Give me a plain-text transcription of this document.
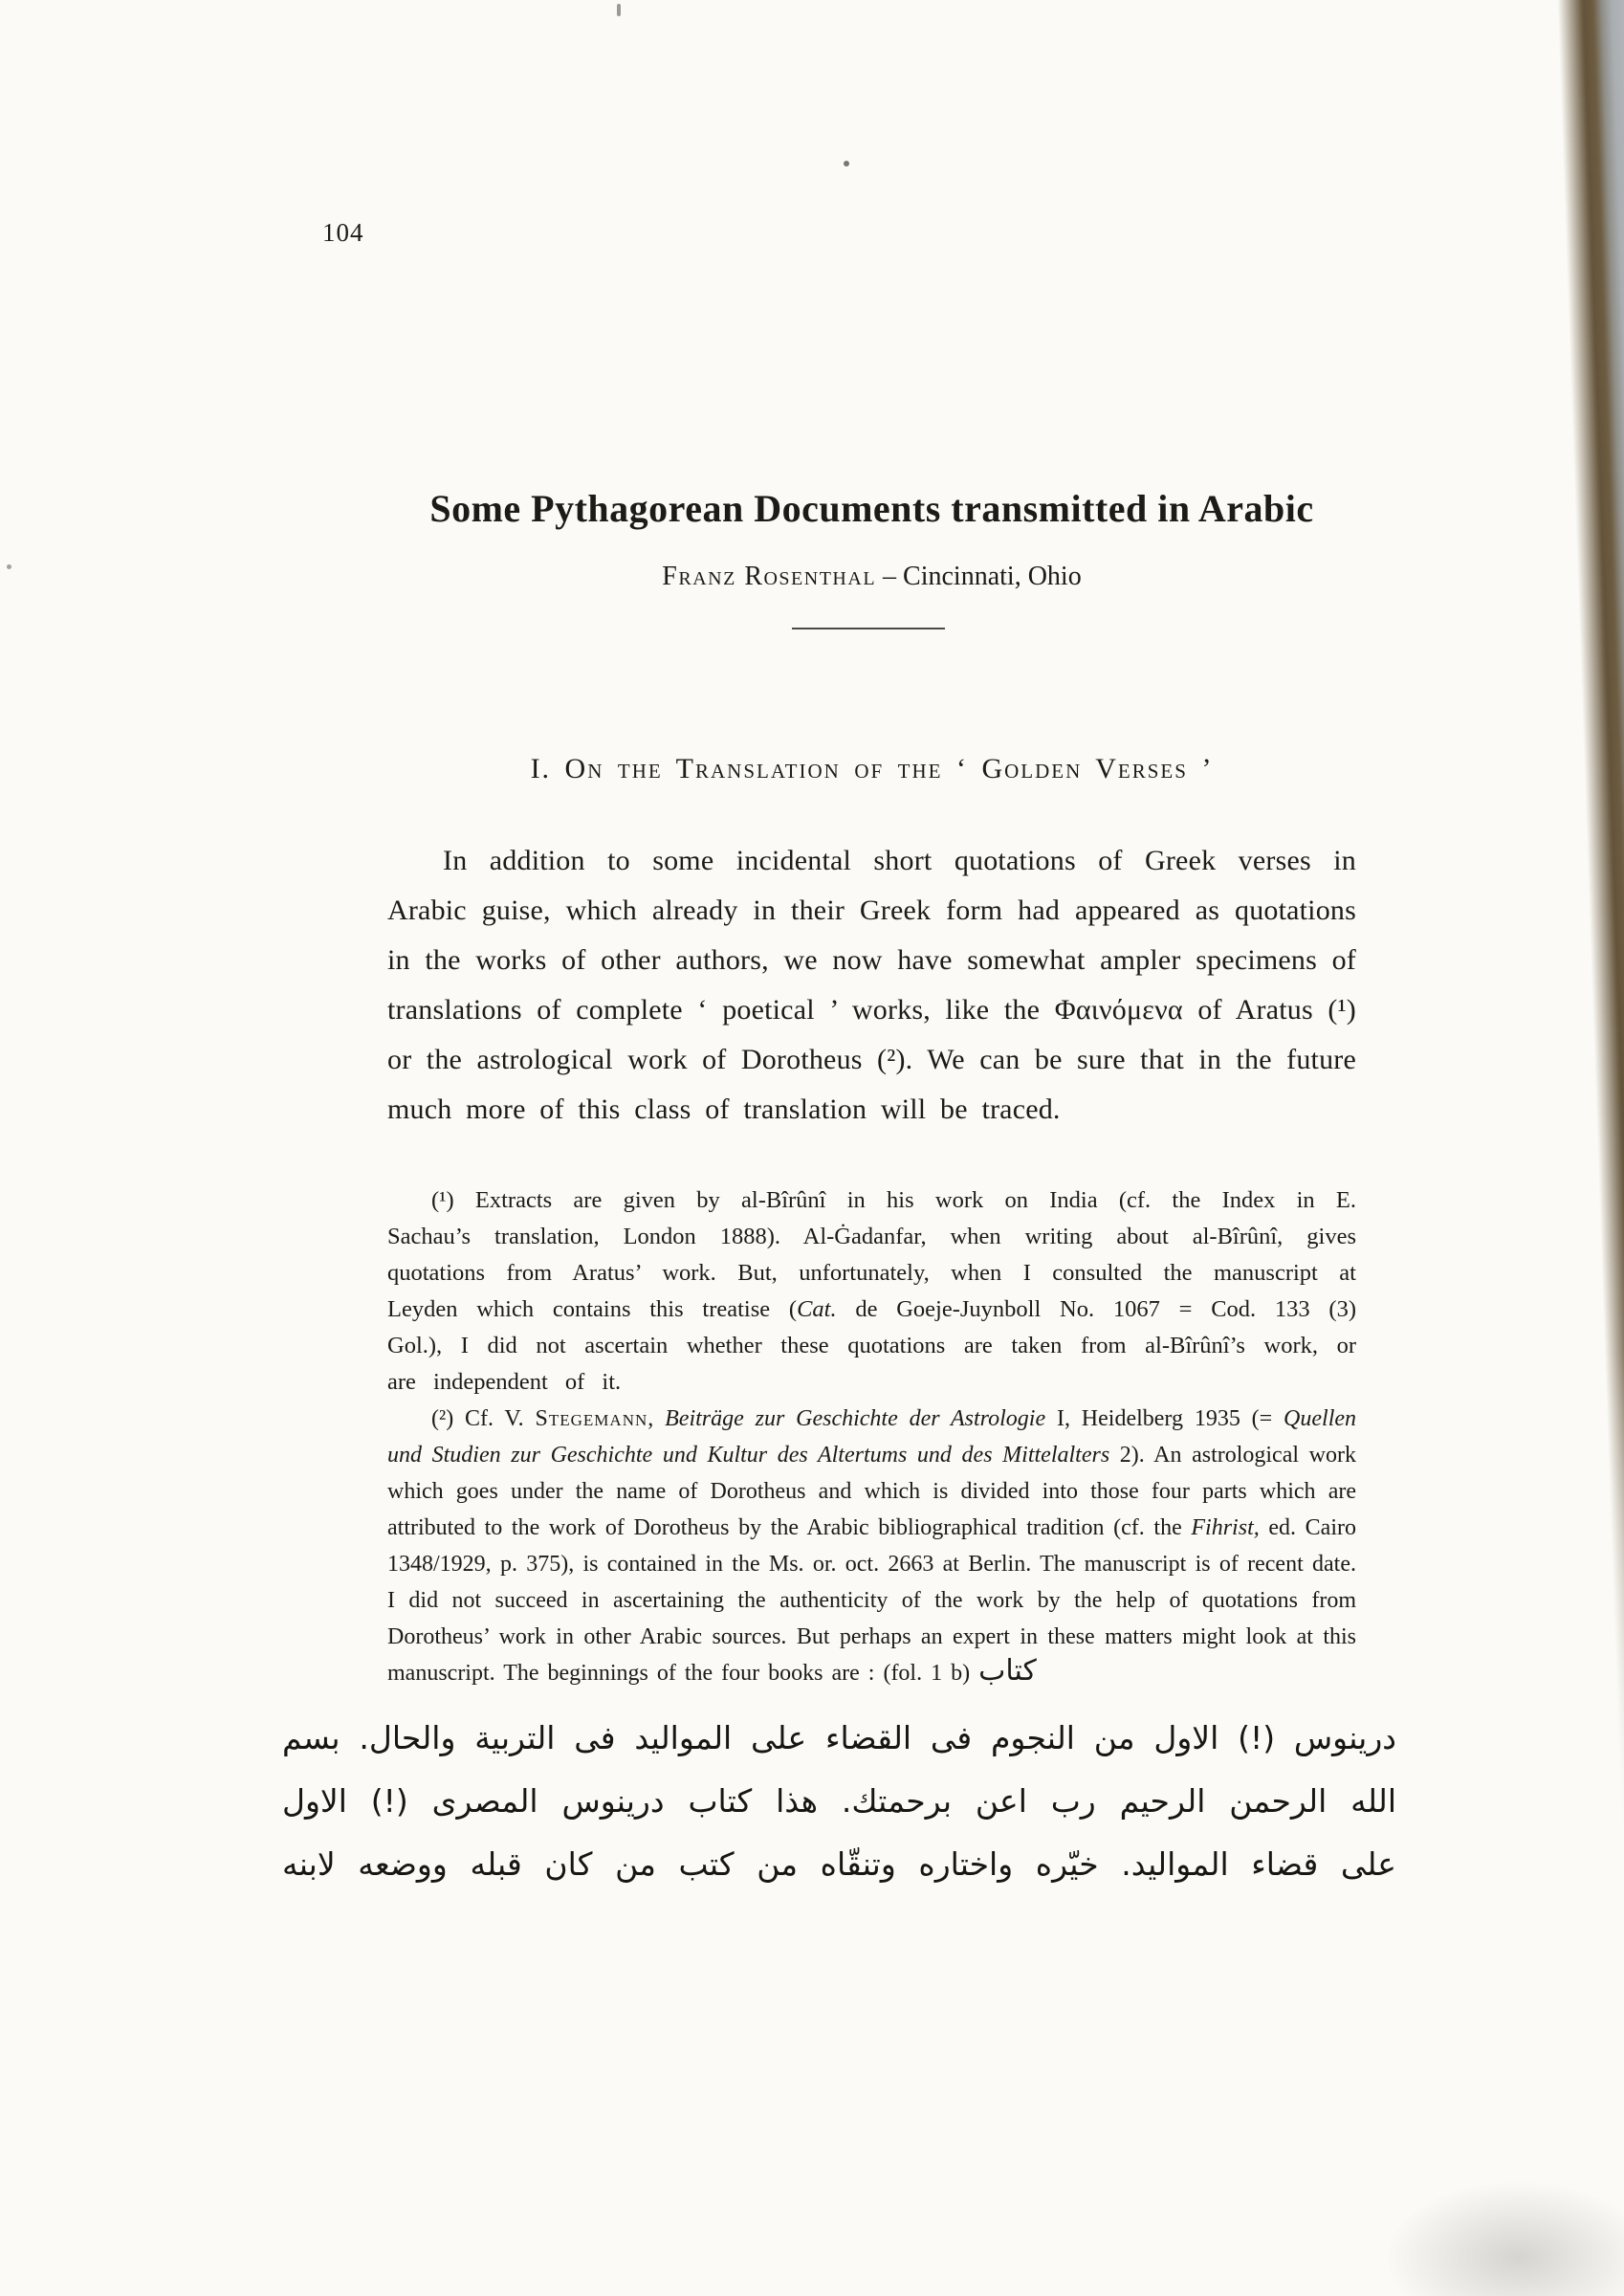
104
Some Pythagorean Documents transmitted in Arabic
Franz Rosenthal – Cincinnati, Ohio
I. On the Translation of the ‘ Golden Verses ’

In addition to some incidental short quotations of Greek verses in Arabic guise, which already in their Greek form had appeared as quotations in the works of other authors, we now have somewhat ampler specimens of translations of complete ‘ poetical ’ works, like the Φαινόμενα of Aratus (¹) or the astrological work of Dorotheus (²). We can be sure that in the future much more of this class of translation will be traced.

(¹) Extracts are given by al-Bîrûnî in his work on India (cf. the Index in E. Sachau’s translation, London 1888). Al-Ġadanfar, when writing about al-Bîrûnî, gives quotations from Aratus’ work. But, unfortunately, when I consulted the manuscript at Leyden which contains this treatise (Cat. de Goeje-Juynboll No. 1067 = Cod. 133 (3) Gol.), I did not ascertain whether these quotations are taken from al-Bîrûnî’s work, or are independent of it.

(²) Cf. V. Stegemann, Beiträge zur Geschichte der Astrologie I, Heidelberg 1935 (= Quellen und Studien zur Geschichte und Kultur des Altertums und des Mittelalters 2). An astrological work which goes under the name of Dorotheus and which is divided into those four parts which are attributed to the work of Dorotheus by the Arabic bibliographical tradition (cf. the Fihrist, ed. Cairo 1348/1929, p. 375), is contained in the Ms. or. oct. 2663 at Berlin. The manuscript is of recent date. I did not succeed in ascertaining the authenticity of the work by the help of quotations from Dorotheus’ work in other Arabic sources. But perhaps an expert in these matters might look at this manuscript. The beginnings of the four books are : (fol. 1 b) كتاب

درينوس (!) الاول من النجوم فى القضاء على المواليد فى التربية والحال. بسم
الله الرحمن الرحيم رب اعن برحمتك. هذا كتاب درينوس المصرى (!) الاول
على قضاء المواليد. خيّره واختاره وتنقّاه من كتب من كان قبله ووضعه لابنه
